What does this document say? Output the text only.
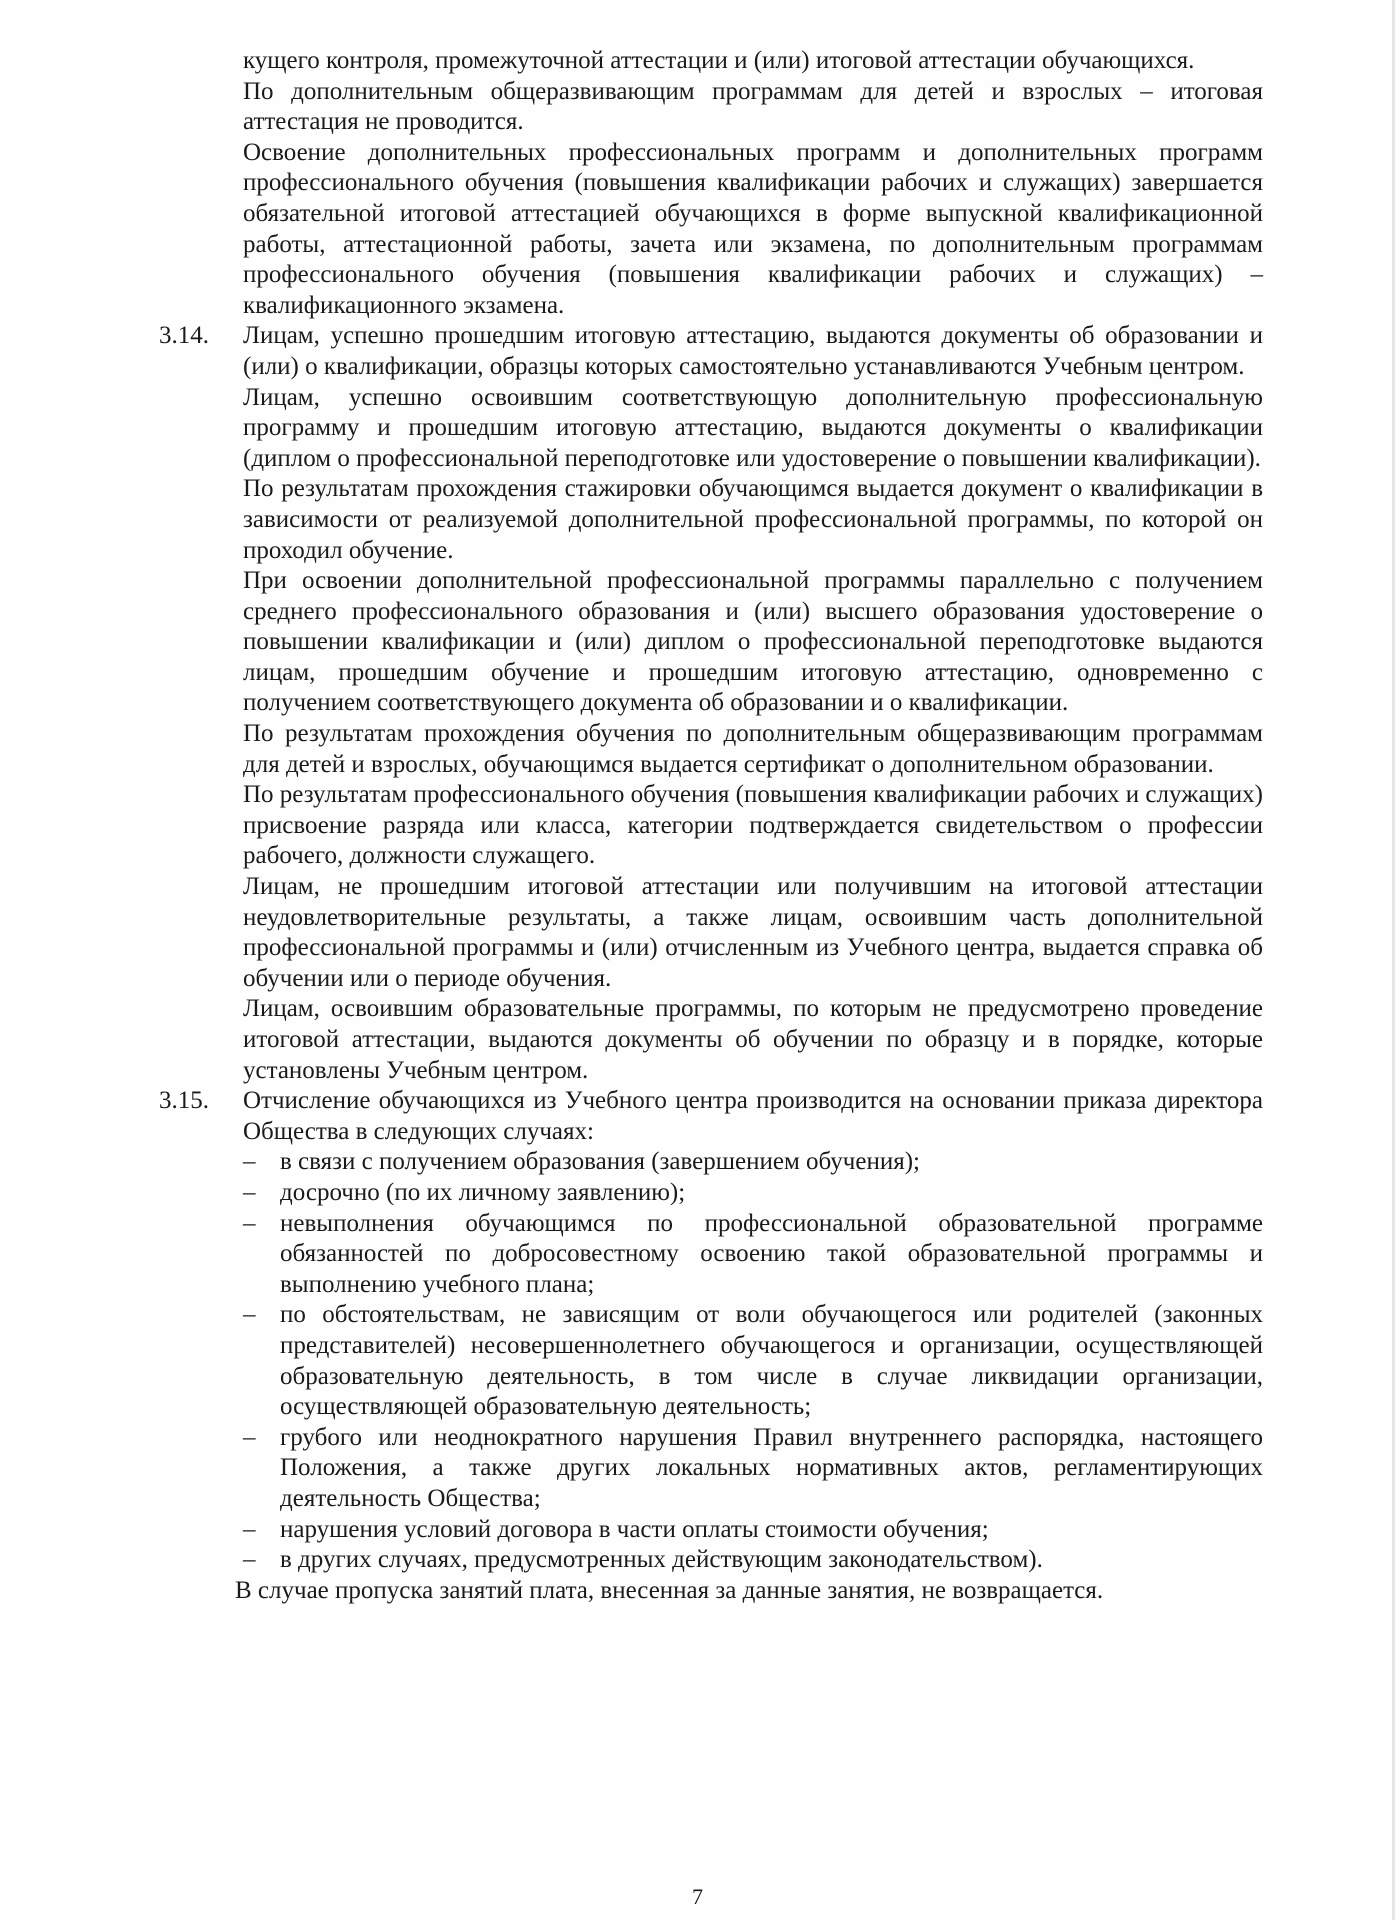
кущего контроля, промежуточной аттестации и (или) итоговой аттестации обучающихся.
По дополнительным общеразвивающим программам для детей и взрослых – итоговая аттестация не проводится.
Освоение дополнительных профессиональных программ и дополнительных программ профессионального обучения (повышения квалификации рабочих и служащих) завершается обязательной итоговой аттестацией обучающихся в форме выпускной квалификационной работы, аттестационной работы, зачета или экзамена, по дополнительным программам профессионального обучения (повышения квалификации рабочих и служащих) – квалификационного экзамена.
3.14.	Лицам, успешно прошедшим итоговую аттестацию, выдаются документы об образовании и (или) о квалификации, образцы которых самостоятельно устанавливаются Учебным центром.
Лицам, успешно освоившим соответствующую дополнительную профессиональную программу и прошедшим итоговую аттестацию, выдаются документы о квалификации (диплом о профессиональной переподготовке или удостоверение о повышении квалификации).
По результатам прохождения стажировки обучающимся выдается документ о квалификации в зависимости от реализуемой дополнительной профессиональной программы, по которой он проходил обучение.
При освоении дополнительной профессиональной программы параллельно с получением среднего профессионального образования и (или) высшего образования удостоверение о повышении квалификации и (или) диплом о профессиональной переподготовке выдаются лицам, прошедшим обучение и прошедшим итоговую аттестацию, одновременно с получением соответствующего документа об образовании и о квалификации.
По результатам прохождения обучения по дополнительным общеразвивающим программам для детей и взрослых, обучающимся выдается сертификат о дополнительном образовании.
По результатам профессионального обучения (повышения квалификации рабочих и служащих) присвоение разряда или класса, категории подтверждается свидетельством о профессии рабочего, должности служащего.
Лицам, не прошедшим итоговой аттестации или получившим на итоговой аттестации неудовлетворительные результаты, а также лицам, освоившим часть дополнительной профессиональной программы и (или) отчисленным из Учебного центра, выдается справка об обучении или о периоде обучения.
Лицам, освоившим образовательные программы, по которым не предусмотрено проведение итоговой аттестации, выдаются документы об обучении по образцу и в порядке, которые установлены Учебным центром.
3.15.	Отчисление обучающихся из Учебного центра производится на основании приказа директора Общества в следующих случаях:
– в связи с получением образования (завершением обучения);
– досрочно (по их личному заявлению);
– невыполнения обучающимся по профессиональной образовательной программе обязанностей по добросовестному освоению такой образовательной программы и выполнению учебного плана;
– по обстоятельствам, не зависящим от воли обучающегося или родителей (законных представителей) несовершеннолетнего обучающегося и организации, осуществляющей образовательную деятельность, в том числе в случае ликвидации организации, осуществляющей образовательную деятельность;
– грубого или неоднократного нарушения Правил внутреннего распорядка, настоящего Положения, а также других локальных нормативных актов, регламентирующих деятельность Общества;
– нарушения условий договора в части оплаты стоимости обучения;
– в других случаях, предусмотренных действующим законодательством).
В случае пропуска занятий плата, внесенная за данные занятия, не возвращается.
7
